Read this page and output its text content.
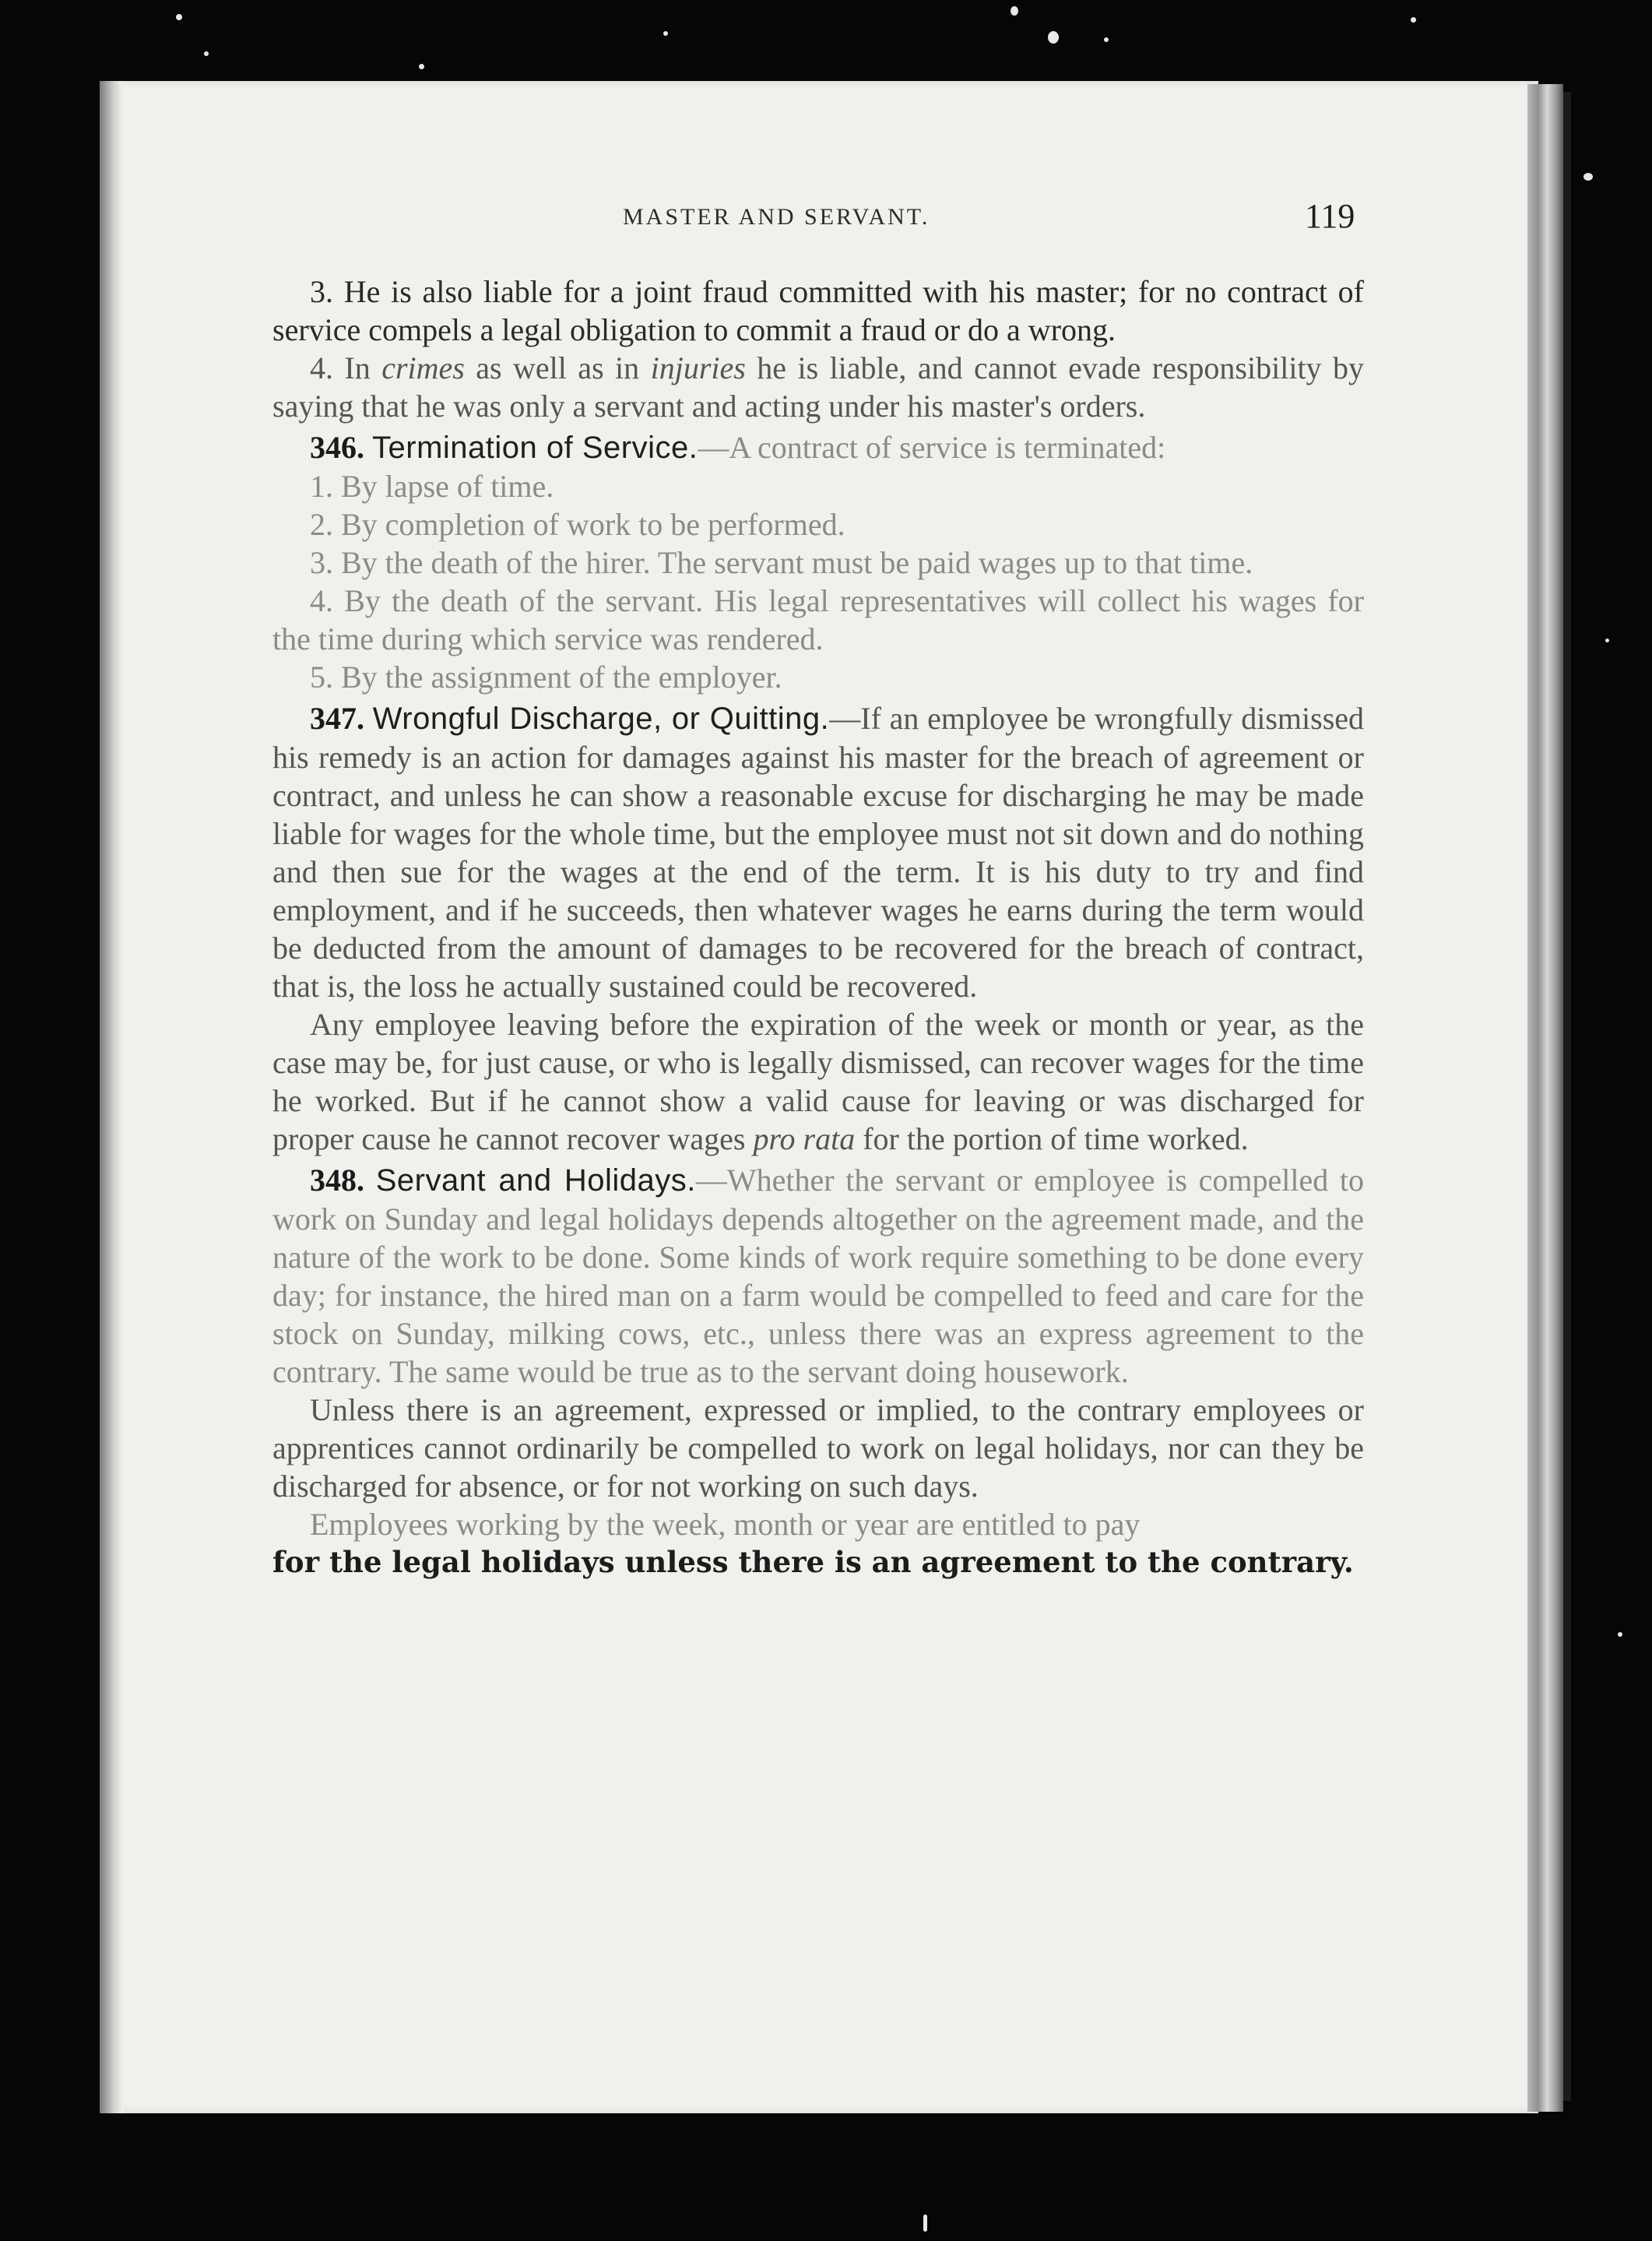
MASTER AND SERVANT.	119

3. He is also liable for a joint fraud committed with his master; for no contract of service compels a legal obligation to commit a fraud or do a wrong.

4. In crimes as well as in injuries he is liable, and cannot evade responsibility by saying that he was only a servant and acting under his master's orders.

346. Termination of Service.—A contract of service is terminated:

1. By lapse of time.

2. By completion of work to be performed.

3. By the death of the hirer. The servant must be paid wages up to that time.

4. By the death of the servant. His legal representatives will collect his wages for the time during which service was rendered.

5. By the assignment of the employer.

347. Wrongful Discharge, or Quitting.—If an employee be wrongfully dismissed his remedy is an action for damages against his master for the breach of agreement or contract, and unless he can show a reasonable excuse for discharging he may be made liable for wages for the whole time, but the employee must not sit down and do nothing and then sue for the wages at the end of the term. It is his duty to try and find employment, and if he succeeds, then whatever wages he earns during the term would be deducted from the amount of damages to be recovered for the breach of contract, that is, the loss he actually sustained could be recovered.

Any employee leaving before the expiration of the week or month or year, as the case may be, for just cause, or who is legally dismissed, can recover wages for the time he worked. But if he cannot show a valid cause for leaving or was discharged for proper cause he cannot recover wages pro rata for the portion of time worked.

348. Servant and Holidays.—Whether the servant or employee is compelled to work on Sunday and legal holidays depends altogether on the agreement made, and the nature of the work to be done. Some kinds of work require something to be done every day; for instance, the hired man on a farm would be compelled to feed and care for the stock on Sunday, milking cows, etc., unless there was an express agreement to the contrary. The same would be true as to the servant doing housework.

Unless there is an agreement, expressed or implied, to the contrary employees or apprentices cannot ordinarily be compelled to work on legal holidays, nor can they be discharged for absence, or for not working on such days.

Employees working by the week, month or year are entitled to pay

for the legal holidays unless there is an agreement to the contrary.
